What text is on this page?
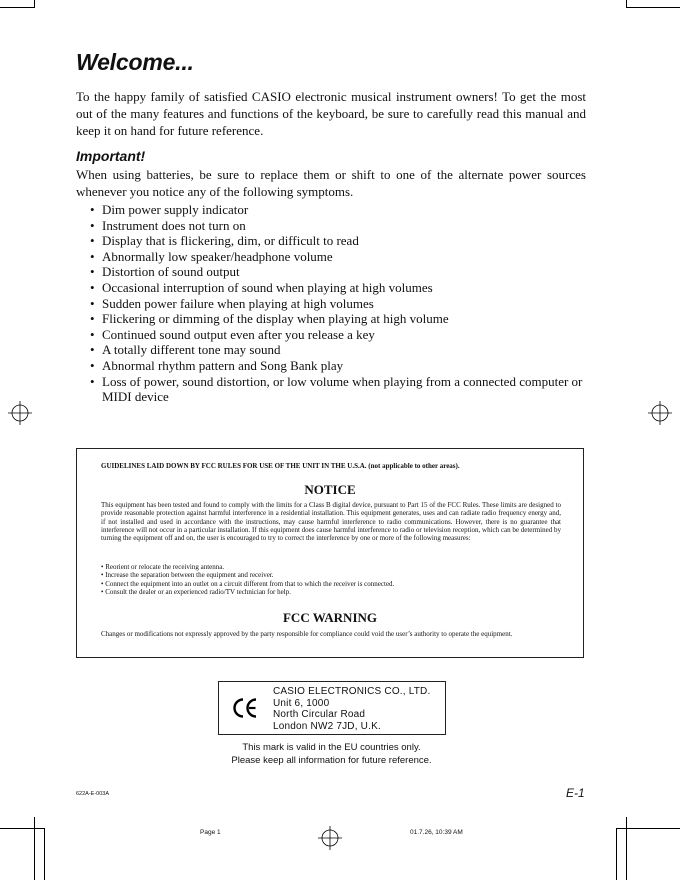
Welcome...
To the happy family of satisfied CASIO electronic musical instrument owners! To get the most out of the many features and functions of the keyboard, be sure to carefully read this manual and keep it on hand for future reference.
Important!
When using batteries, be sure to replace them or shift to one of the alternate power sources whenever you notice any of the following symptoms.
• Dim power supply indicator
• Instrument does not turn on
• Display that is flickering, dim, or difficult to read
• Abnormally low speaker/headphone volume
• Distortion of sound output
• Occasional interruption of sound when playing at high volumes
• Sudden power failure when playing at high volumes
• Flickering or dimming of the display when playing at high volume
• Continued sound output even after you release a key
• A totally different tone may sound
• Abnormal rhythm pattern and Song Bank play
• Loss of power, sound distortion, or low volume when playing from a connected computer or MIDI device
GUIDELINES LAID DOWN BY FCC RULES FOR USE OF THE UNIT IN THE U.S.A. (not applicable to other areas).
NOTICE
This equipment has been tested and found to comply with the limits for a Class B digital device, pursuant to Part 15 of the FCC Rules. These limits are designed to provide reasonable protection against harmful interference in a residential installation. This equipment generates, uses and can radiate radio frequency energy and, if not installed and used in accordance with the instructions, may cause harmful interference to radio communications. However, there is no guarantee that interference will not occur in a particular installation. If this equipment does cause harmful interference to radio or television reception, which can be determined by turning the equipment off and on, the user is encouraged to try to correct the interference by one or more of the following measures:
• Reorient or relocate the receiving antenna.
• Increase the separation between the equipment and receiver.
• Connect the equipment into an outlet on a circuit different from that to which the receiver is connected.
• Consult the dealer or an experienced radio/TV technician for help.
FCC WARNING
Changes or modifications not expressly approved by the party responsible for compliance could void the user’s authority to operate the equipment.
CASIO ELECTRONICS CO., LTD.
Unit 6, 1000
North Circular Road
London NW2 7JD, U.K.
This mark is valid in the EU countries only.
Please keep all information for future reference.
622A-E-003A	E-1
Page 1	01.7.26, 10:39 AM
